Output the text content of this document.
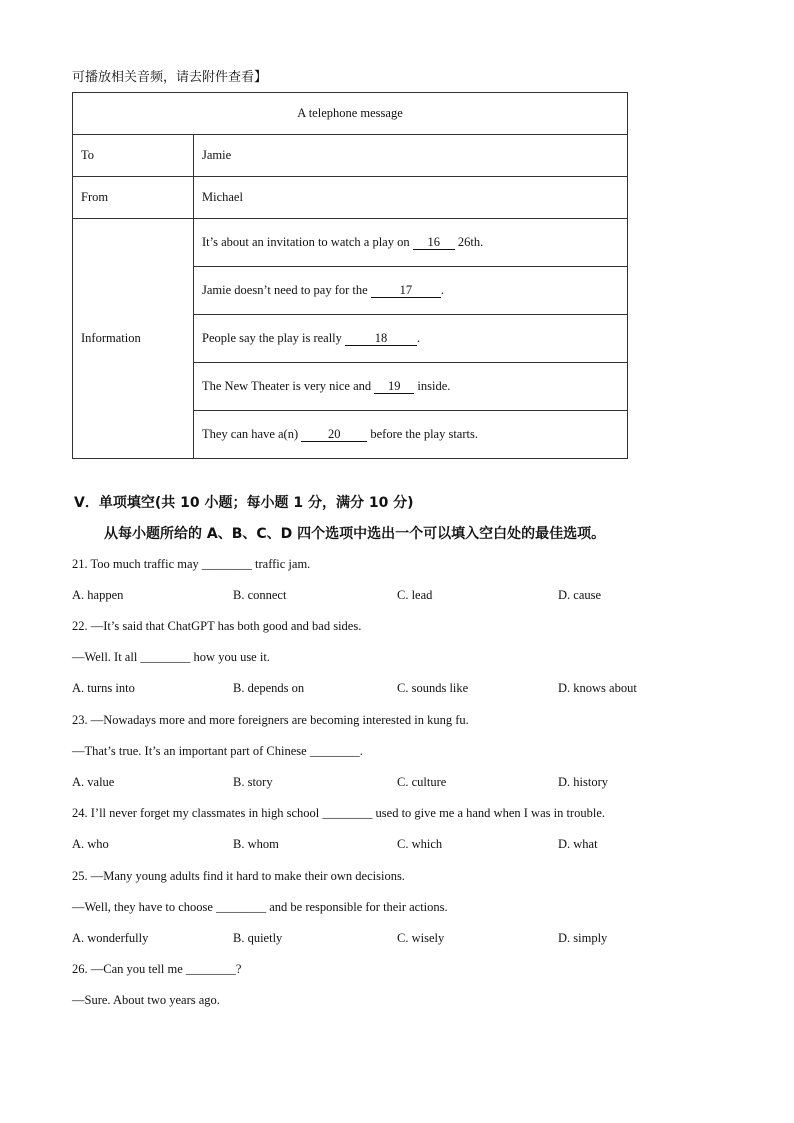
可播放相关音频，请去附件查看】
A telephone message	
To	Jamie
From	Michael
Information	It’s about an invitation to watch a play on 16 26th.
	Jamie doesn’t need to pay for the 17 .
	People say the play is really 18 .
	The New Theater is very nice and 19 inside.
	They can have a(n) 20 before the play starts.
V．单项填空(共 10 小题；每小题 1 分，满分 10 分)
从每小题所给的 A、B、C、D 四个选项中选出一个可以填入空白处的最佳选项。
21. Too much traffic may ________ traffic jam.
A. happen	B. connect	C. lead	D. cause
22. —It’s said that ChatGPT has both good and bad sides.
—Well. It all ________ how you use it.
A. turns into	B. depends on	C. sounds like	D. knows about
23. —Nowadays more and more foreigners are becoming interested in kung fu.
—That’s true. It’s an important part of Chinese ________.
A. value	B. story	C. culture	D. history
24. I’ll never forget my classmates in high school ________ used to give me a hand when I was in trouble.
A. who	B. whom	C. which	D. what
25. —Many young adults find it hard to make their own decisions.
—Well, they have to choose ________ and be responsible for their actions.
A. wonderfully	B. quietly	C. wisely	D. simply
26. —Can you tell me ________?
—Sure. About two years ago.
